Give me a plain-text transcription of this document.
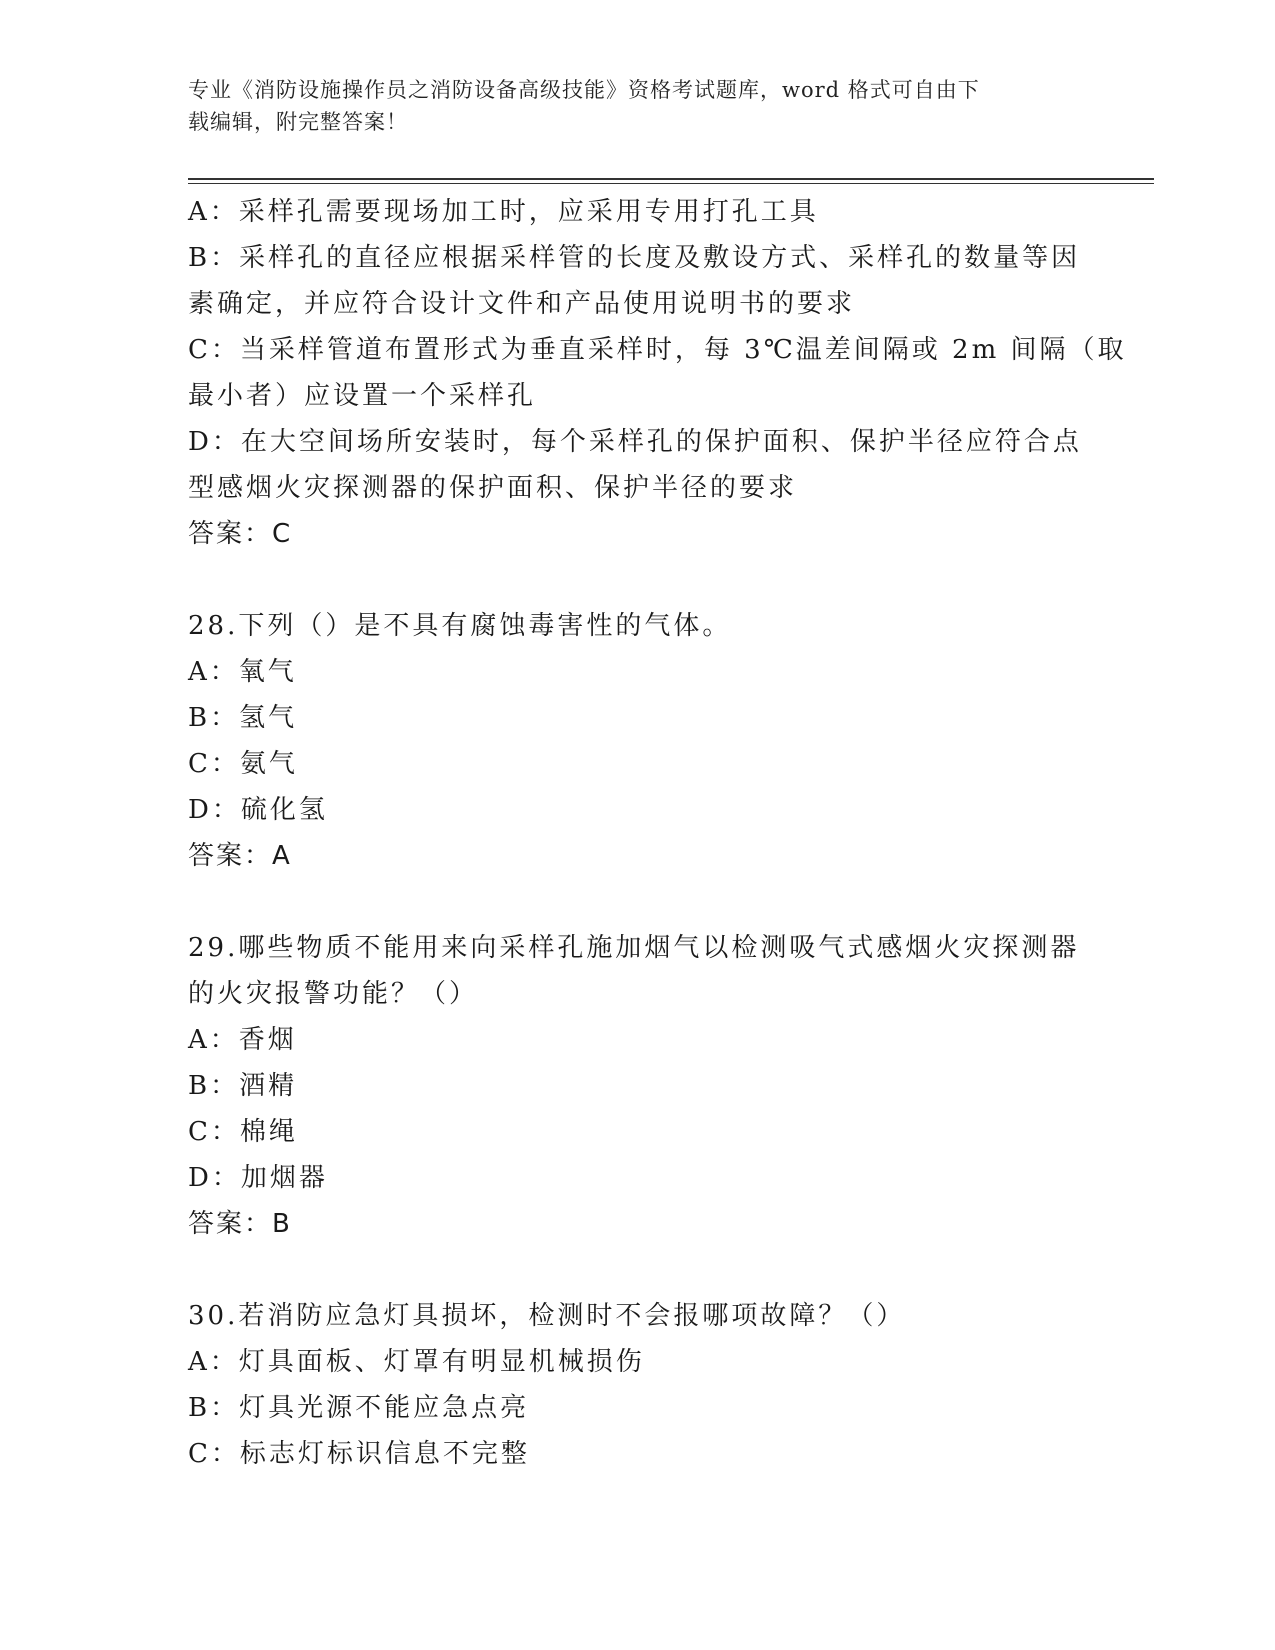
专业《消防设施操作员之消防设备高级技能》资格考试题库，word 格式可自由下
载编辑，附完整答案！
A：采样孔需要现场加工时，应采用专用打孔工具
B：采样孔的直径应根据采样管的长度及敷设方式、采样孔的数量等因
素确定，并应符合设计文件和产品使用说明书的要求
C：当采样管道布置形式为垂直采样时，每 3℃温差间隔或 2m 间隔（取
最小者）应设置一个采样孔
D：在大空间场所安装时，每个采样孔的保护面积、保护半径应符合点
型感烟火灾探测器的保护面积、保护半径的要求
答案：C
28.下列（）是不具有腐蚀毒害性的气体。
A：氧气
B：氢气
C：氨气
D：硫化氢
答案：A
29.哪些物质不能用来向采样孔施加烟气以检测吸气式感烟火灾探测器
的火灾报警功能？（）
A：香烟
B：酒精
C：棉绳
D：加烟器
答案：B
30.若消防应急灯具损坏，检测时不会报哪项故障？（）
A：灯具面板、灯罩有明显机械损伤
B：灯具光源不能应急点亮
C：标志灯标识信息不完整
